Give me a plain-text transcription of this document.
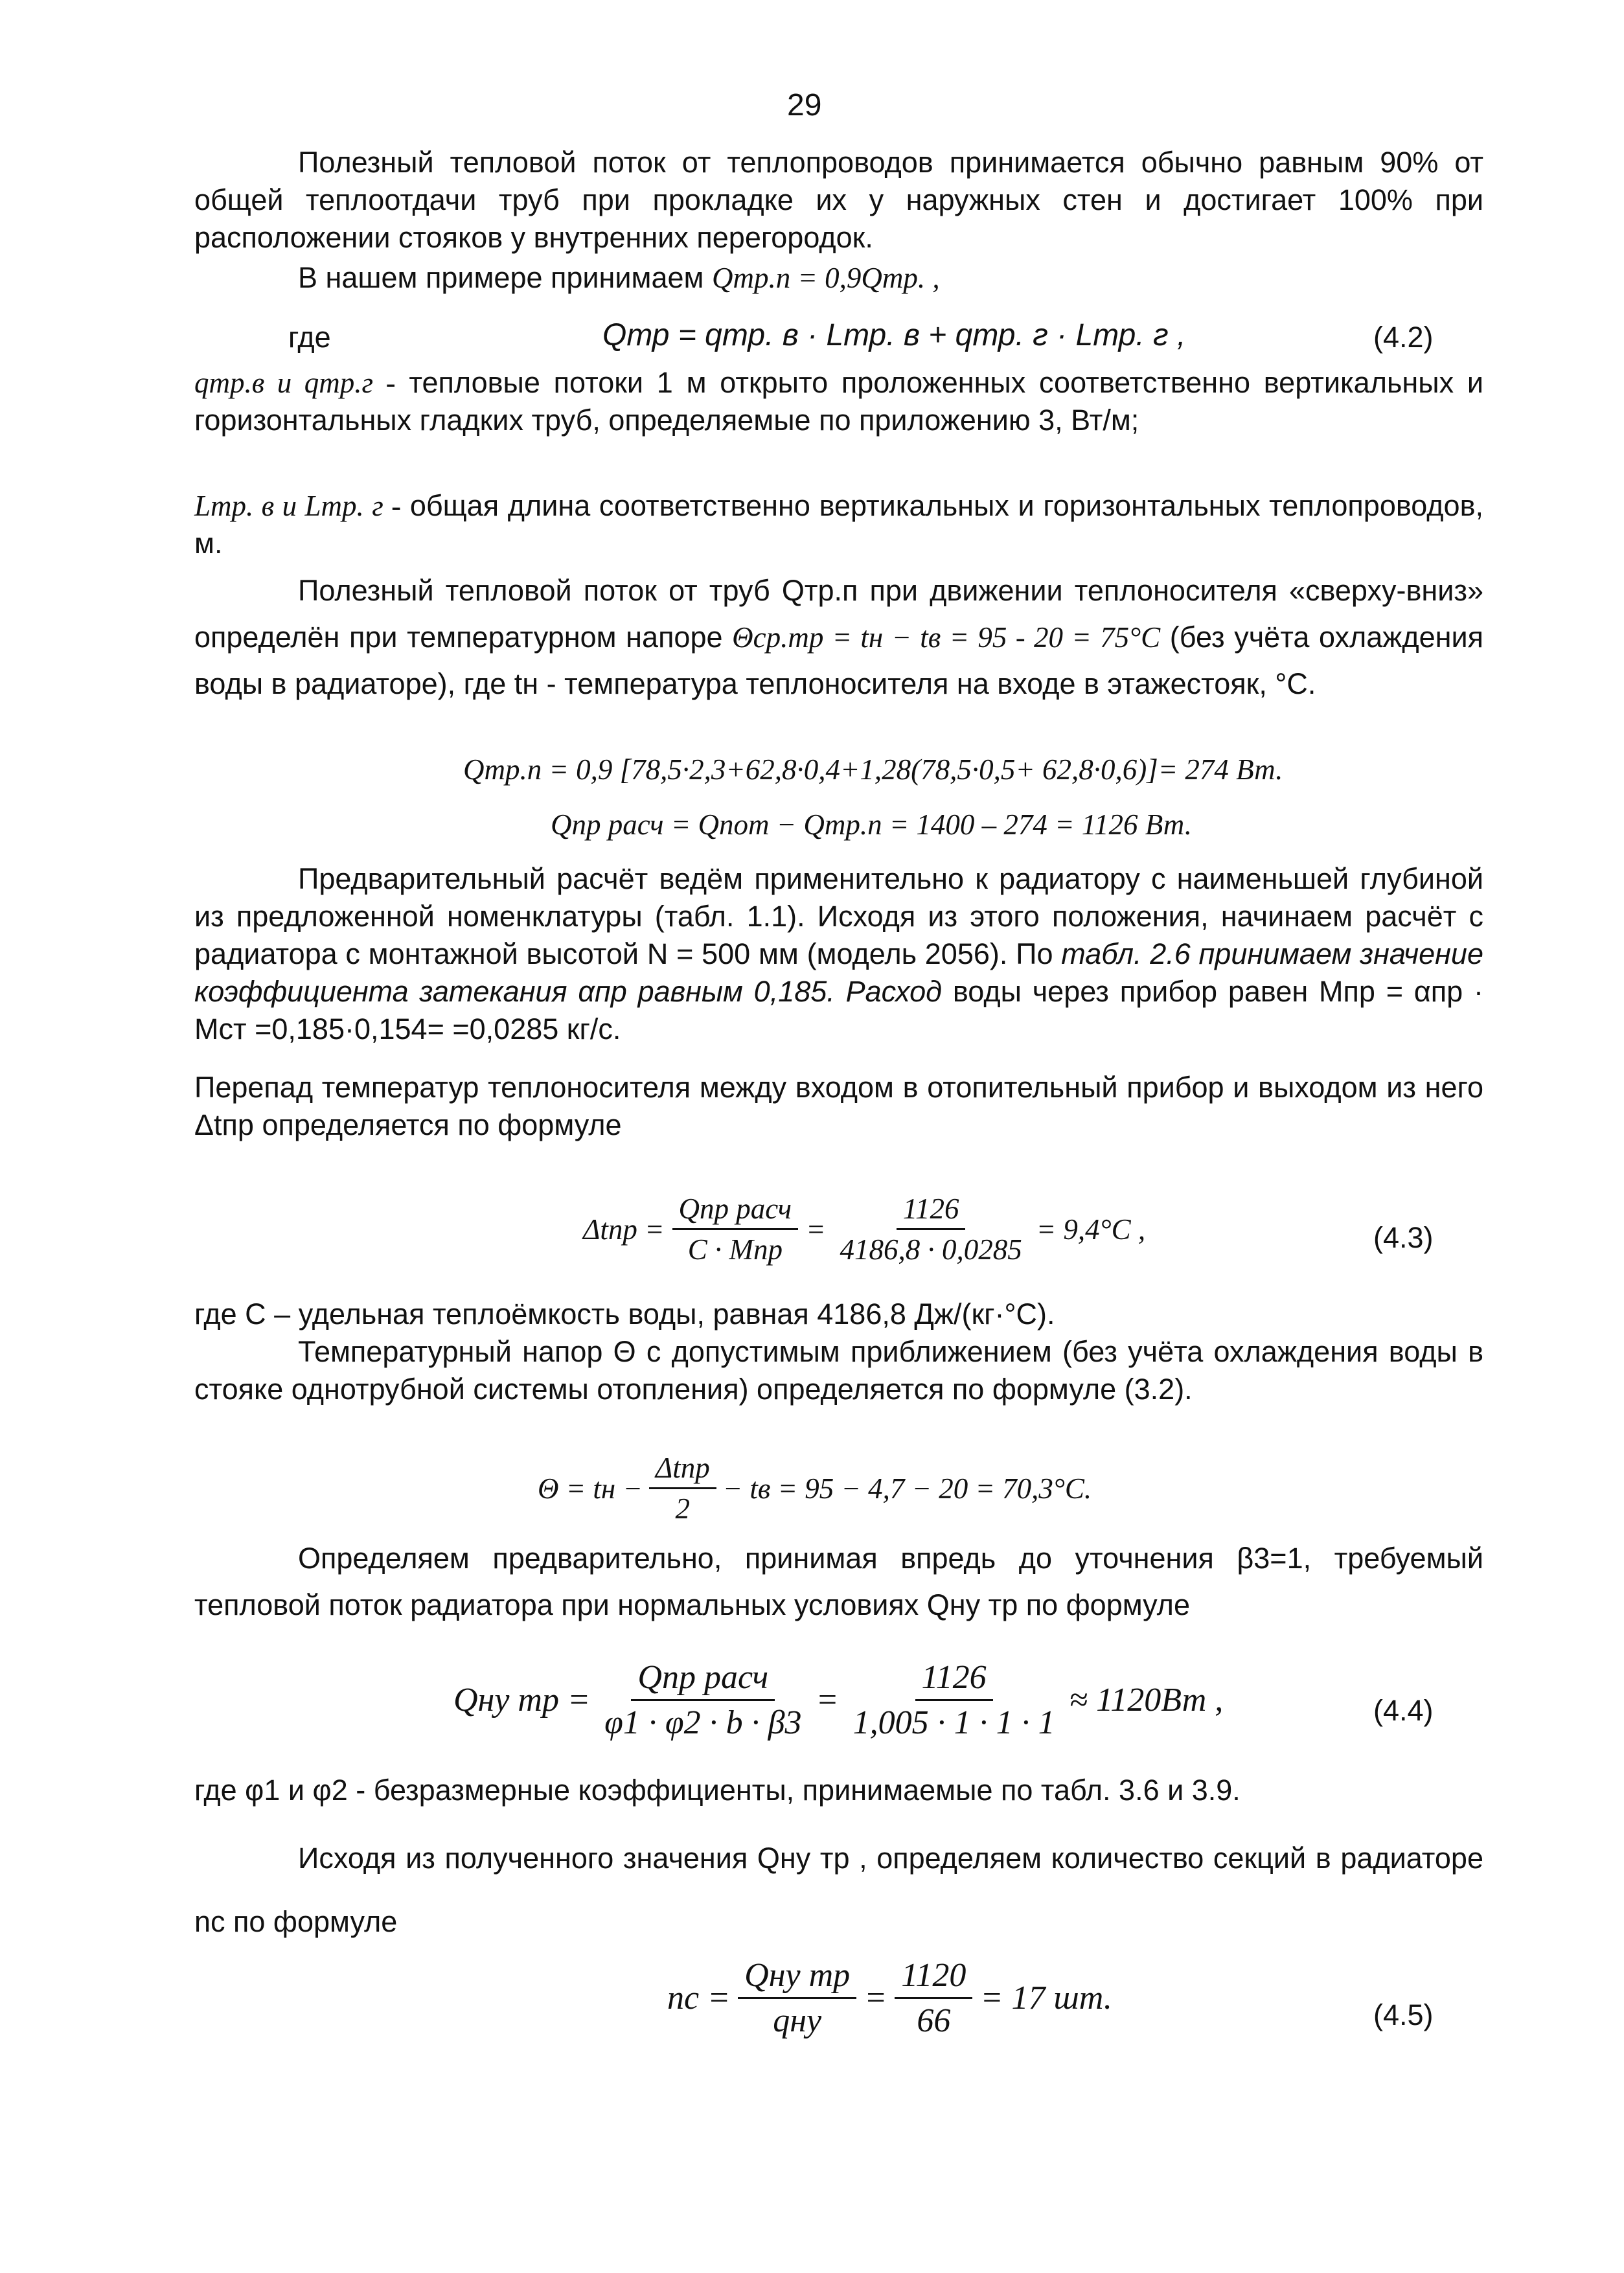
29
Полезный тепловой поток от теплопроводов принимается обычно равным 90% от общей теплоотдачи труб при прокладке их у наружных стен и достигает 100% при расположении стояков у внутренних перегородок.
В нашем примере принимаем Qтр.п = 0,9Qтр. ,
где	Qтр = qтр. в · Lтр. в + qтр. г · Lтр. г ,	(4.2)
qтр.в и qтр.г - тепловые потоки 1 м открыто проложенных соответственно вертикальных и горизонтальных гладких труб, определяемые по приложению 3, Вт/м;
Lтр. в и Lтр. г - общая длина соответственно вертикальных и горизонтальных теплопроводов, м.
Полезный тепловой поток от труб Qтр.п при движении теплоносителя «сверху-вниз» определён при температурном напоре Θср.тр = tн − tв = 95 - 20 = 75°С (без учёта охлаждения воды в радиаторе), где tн - температура теплоносителя на входе в этажестояк, °С.
Qтр.п = 0,9 [78,5·2,3+62,8·0,4+1,28(78,5·0,5+ 62,8·0,6)]= 274 Вт.
Qпр расч = Qпот − Qтр.п = 1400 – 274 = 1126 Вт.
Предварительный расчёт ведём применительно к радиатору с наименьшей глубиной из предложенной номенклатуры (табл. 1.1). Исходя из этого положения, начинаем расчёт с радиатора с монтажной высотой N = 500 мм (модель 2056). По табл. 2.6 принимаем значение коэффициента затекания αпр равным 0,185. Расход воды через прибор равен Mпр = αпр · Mст =0,185·0,154= =0,0285 кг/с.
Перепад температур теплоносителя между входом в отопительный прибор и выходом из него Δtпр определяется по формуле
$\Delta tпр = \frac{\text{Qпр расч}}{\text{C · Mпр}} = \frac{1126}{4186,8 \cdot 0,0285} = 9,4^\circ C$ ,	(4.3)
где C – удельная теплоёмкость воды, равная 4186,8 Дж/(кг·°С).
Температурный напор Θ с допустимым приближением (без учёта охлаждения воды в стояке однотрубной системы отопления) определяется по формуле (3.2).
Θ = tн − $\frac{\text{Δtпр}}{2}$ − tв = 95 − 4,7 − 20 = 70,3°C.
Определяем предварительно, принимая впредь до уточнения β3=1, требуемый тепловой поток радиатора при нормальных условиях Qну тр по формуле
Qну тр = $\frac{\text{Qпр расч}}{\varphi 1 \cdot \varphi 2 \cdot b \cdot \beta 3} = \frac{1126}{1,005 \cdot 1 \cdot 1 \cdot 1} \approx 1120Вт$ ,	(4.4)
где φ1 и φ2 - безразмерные коэффициенты, принимаемые по табл. 3.6 и 3.9.
Исходя из полученного значения Qну тр , определяем количество секций в радиаторе nс по формуле
nс = $\frac{\text{Qну тр}}{\text{qну}} = \frac{1120}{66} = 17$ шт.	(4.5)
